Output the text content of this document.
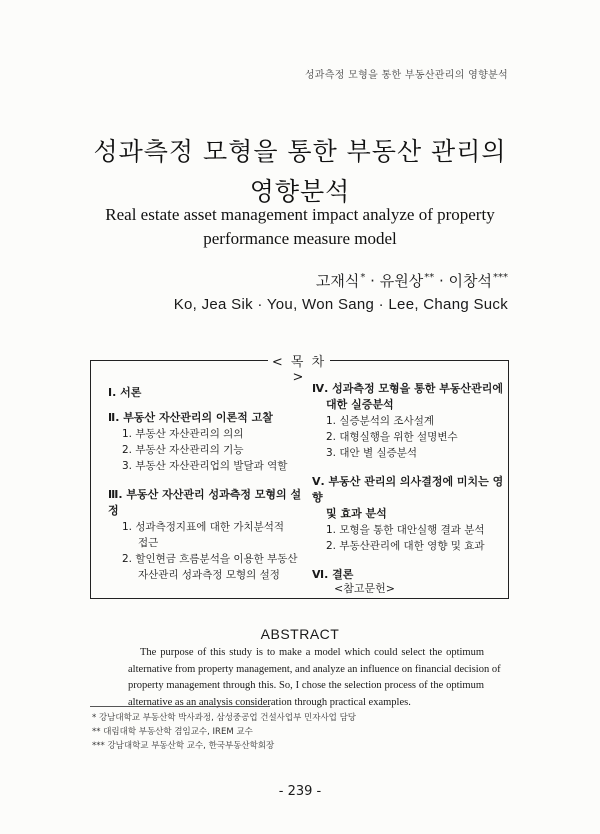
성과측정 모형을 통한 부동산관리의 영향분석
성과측정 모형을 통한 부동산 관리의
영향분석
Real estate asset management impact analyze of property
performance measure model
고재식* · 유원상** · 이창석***
Ko, Jea Sik · You, Won Sang · Lee, Chang Suck
< 목 차 >
Ⅰ. 서론
Ⅱ. 부동산 자산관리의 이론적 고찰
1. 부동산 자산관리의 의의
2. 부동산 자산관리의 기능
3. 부동산 자산관리업의 발달과 역할
Ⅲ. 부동산 자산관리 성과측정 모형의 설정
1. 성과측정지표에 대한 가치분석적
접근
2. 할인현금 흐름분석을 이용한 부동산
자산관리 성과측정 모형의 설정
Ⅳ. 성과측정 모형을 통한 부동산관리에
대한 실증분석
1. 실증분석의 조사설계
2. 대형실행을 위한 설명변수
3. 대안 별 실증분석
Ⅴ. 부동산 관리의 의사결정에 미치는 영향
및 효과 분석
1. 모형을 통한 대안실행 결과 분석
2. 부동산관리에 대한 영향 및 효과
Ⅵ. 결론
<참고문헌>
ABSTRACT
The purpose of this study is to make a model which could select the optimum
alternative from property management, and analyze an influence on financial decision of
property management through this. So, I chose the selection process of the optimum
alternative as an analysis consideration through practical examples.
* 강남대학교 부동산학 박사과정, 삼성중공업 건설사업부 민자사업 담당
** 대림대학 부동산학 겸임교수, IREM 교수
*** 강남대학교 부동산학 교수, 한국부동산학회장
- 239 -
